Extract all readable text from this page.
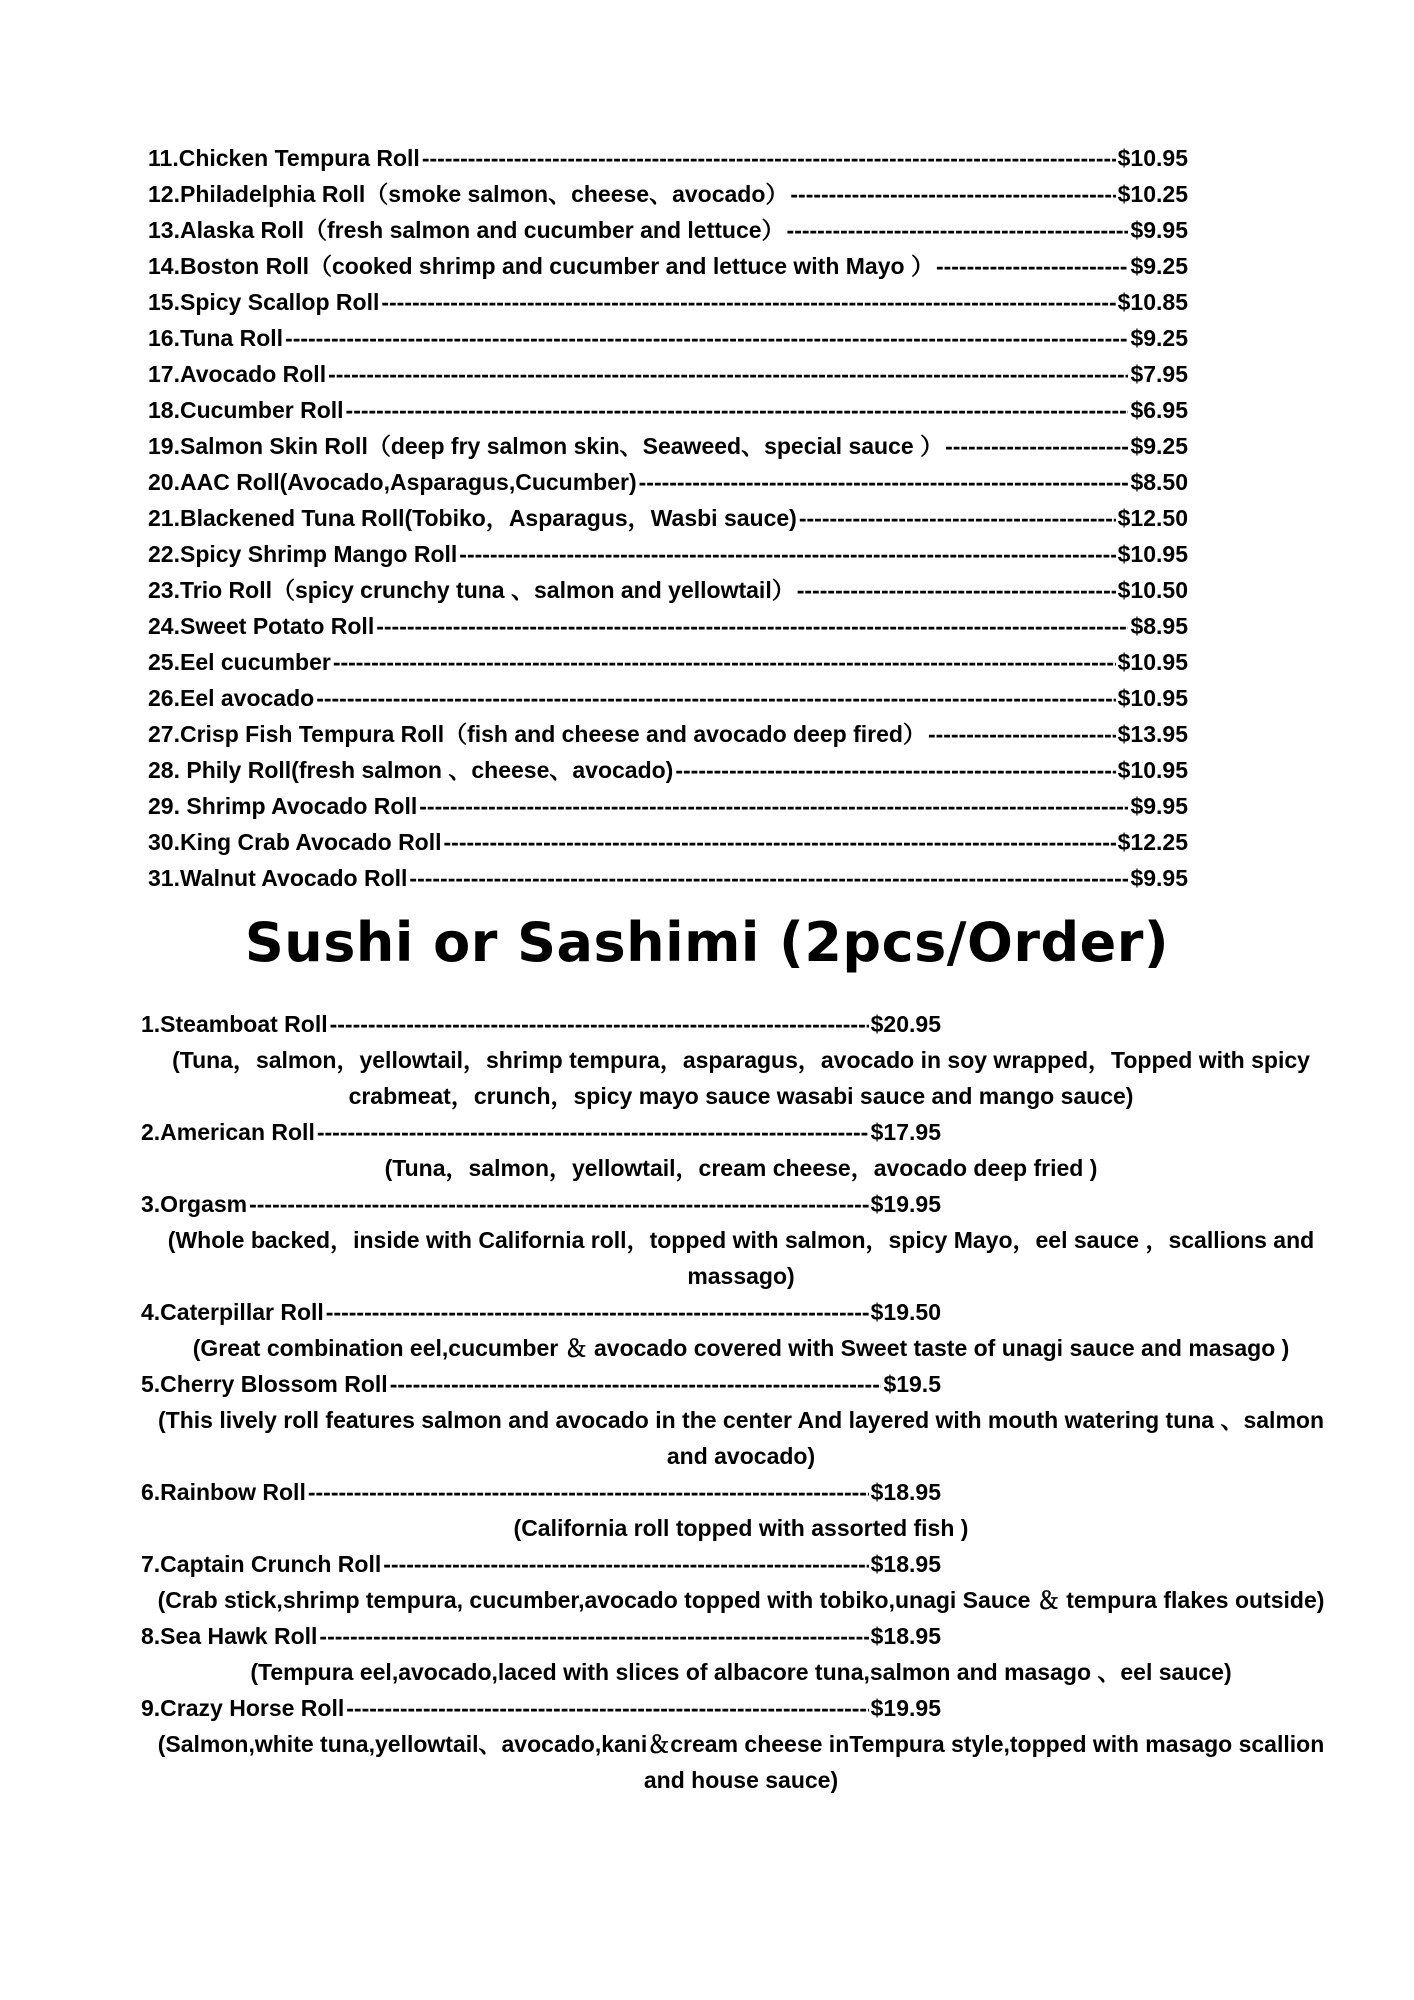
$10.95
11.Chicken Tempura Roll -----
$10.25
12.Philadelphia Roll（smoke salmon、cheese、avocado） -----
$9.95
13.Alaska Roll（fresh salmon and cucumber and lettuce） -----
$9.25
14.Boston Roll（cooked shrimp and cucumber and lettuce with Mayo ） -----
$10.85
15.Spicy Scallop Roll -----
$9.25
16.Tuna Roll -----
$7.95
17.Avocado Roll -----
$6.95
18.Cucumber Roll -----
$9.25
19.Salmon Skin Roll（deep fry salmon skin、Seaweed、special sauce ） -----
$8.50
20.AAC Roll(Avocado,Asparagus,Cucumber) -----
$12.50
21.Blackened Tuna Roll(Tobiko，Asparagus，Wasbi sauce) -----
$10.95
22.Spicy Shrimp Mango Roll -----
$10.50
23.Trio Roll（spicy crunchy tuna 、salmon and yellowtail） -----
$8.95
24.Sweet Potato Roll -----
$10.95
25.Eel cucumber -----
$10.95
26.Eel avocado -----
$13.95
27.Crisp Fish Tempura Roll（fish and cheese and avocado deep fired） -----
$10.95
28. Phily Roll(fresh salmon 、cheese、avocado) -----
$9.95
29. Shrimp Avocado Roll -----
$12.25
30.King Crab Avocado Roll -----
$9.95
31.Walnut Avocado Roll -----
Sushi or Sashimi (2pcs/Order)
$20.95
1.Steamboat Roll -----
(Tuna，salmon，yellowtail，shrimp tempura，asparagus，avocado in soy wrapped，Topped with spicy crabmeat，crunch，spicy mayo sauce wasabi sauce and mango sauce)
$17.95
2.American Roll -----
(Tuna，salmon，yellowtail，cream cheese，avocado deep fried )
$19.95
3.Orgasm -----
(Whole backed，inside with California roll，topped with salmon，spicy Mayo，eel sauce ，scallions and massago)
$19.50
4.Caterpillar Roll -----
(Great combination eel,cucumber ＆ avocado covered with Sweet taste of unagi sauce and masago )
$19.5
5.Cherry Blossom Roll -----
(This lively roll features salmon and avocado in the center And layered with mouth watering tuna 、salmon and avocado)
$18.95
6.Rainbow Roll -----
(California roll topped with assorted fish )
$18.95
7.Captain Crunch Roll -----
(Crab stick,shrimp tempura, cucumber,avocado topped with tobiko,unagi Sauce ＆ tempura flakes outside)
$18.95
8.Sea Hawk Roll -----
(Tempura eel,avocado,laced with slices of albacore tuna,salmon and masago 、eel sauce)
$19.95
9.Crazy Horse Roll -----
(Salmon,white tuna,yellowtail、avocado,kani＆cream cheese inTempura style,topped with masago scallion and house sauce)
